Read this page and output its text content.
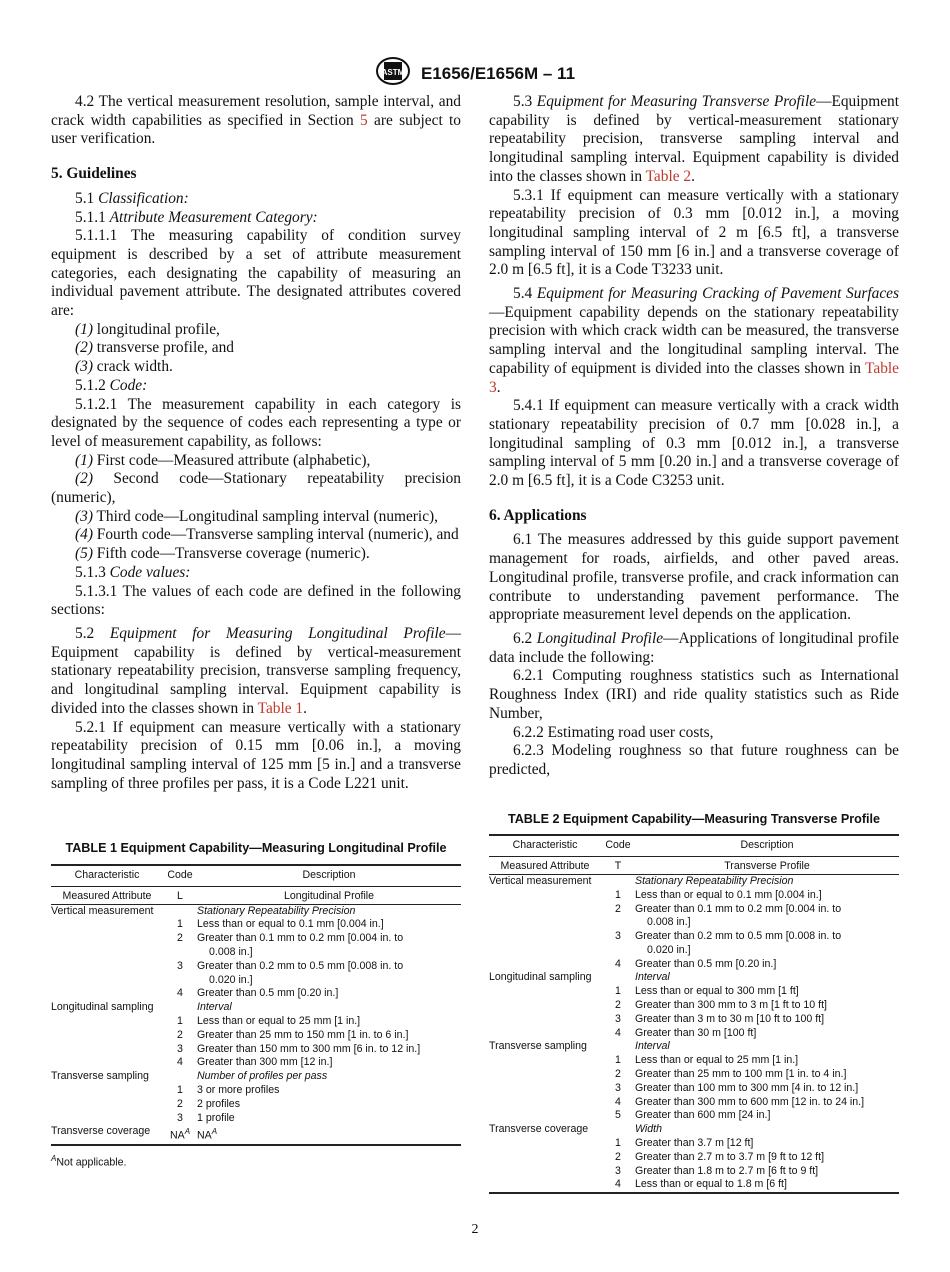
ASTM E1656/E1656M – 11

4.2 The vertical measurement resolution, sample interval, and crack width capabilities as specified in Section 5 are subject to user verification.

5. Guidelines

5.1 Classification:

5.1.1 Attribute Measurement Category:

5.1.1.1 The measuring capability of condition survey equipment is described by a set of attribute measurement categories, each designating the capability of measuring an individual pavement attribute. The designated attributes covered are:

(1) longitudinal profile,

(2) transverse profile, and

(3) crack width.

5.1.2 Code:

5.1.2.1 The measurement capability in each category is designated by the sequence of codes each representing a type or level of measurement capability, as follows:

(1) First code—Measured attribute (alphabetic),

(2) Second code—Stationary repeatability precision (numeric),

(3) Third code—Longitudinal sampling interval (numeric),

(4) Fourth code—Transverse sampling interval (numeric), and

(5) Fifth code—Transverse coverage (numeric).

5.1.3 Code values:

5.1.3.1 The values of each code are defined in the following sections:

5.2 Equipment for Measuring Longitudinal Profile—Equipment capability is defined by vertical-measurement stationary repeatability precision, transverse sampling frequency, and longitudinal sampling interval. Equipment capability is divided into the classes shown in Table 1.

5.2.1 If equipment can measure vertically with a stationary repeatability precision of 0.15 mm [0.06 in.], a moving longitudinal sampling interval of 125 mm [5 in.] and a transverse sampling of three profiles per pass, it is a Code L221 unit.

TABLE 1 Equipment Capability—Measuring Longitudinal Profile
Characteristic	Code	Description
Measured Attribute	L	Longitudinal Profile
Vertical measurement		Stationary Repeatability Precision
	1	Less than or equal to 0.1 mm [0.004 in.]
	2	Greater than 0.1 mm to 0.2 mm [0.004 in. to
0.008 in.]

	3	Greater than 0.2 mm to 0.5 mm [0.008 in. to
0.020 in.]

	4	Greater than 0.5 mm [0.20 in.]
Longitudinal sampling		Interval
	1	Less than or equal to 25 mm [1 in.]
	2	Greater than 25 mm to 150 mm [1 in. to 6 in.]
	3	Greater than 150 mm to 300 mm [6 in. to 12 in.]
	4	Greater than 300 mm [12 in.]
Transverse sampling		Number of profiles per pass
	1	3 or more profiles
	2	2 profiles
	3	1 profile
Transverse coverage	$NA^A$	$NA^A$
$^A$Not applicable.

5.3 Equipment for Measuring Transverse Profile—Equipment capability is defined by vertical-measurement stationary repeatability precision, transverse sampling interval and longitudinal sampling interval. Equipment capability is divided into the classes shown in Table 2.

5.3.1 If equipment can measure vertically with a stationary repeatability precision of 0.3 mm [0.012 in.], a moving longitudinal sampling interval of 2 m [6.5 ft], a transverse sampling interval of 150 mm [6 in.] and a transverse coverage of 2.0 m [6.5 ft], it is a Code T3233 unit.

5.4 Equipment for Measuring Cracking of Pavement Surfaces—Equipment capability depends on the stationary repeatability precision with which crack width can be measured, the transverse sampling interval and the longitudinal sampling interval. The capability of equipment is divided into the classes shown in Table 3.

5.4.1 If equipment can measure vertically with a crack width stationary repeatability precision of 0.7 mm [0.028 in.], a longitudinal sampling of 0.3 mm [0.012 in.], a transverse sampling interval of 5 mm [0.20 in.] and a transverse coverage of 2.0 m [6.5 ft], it is a Code C3253 unit.

6. Applications

6.1 The measures addressed by this guide support pavement management for roads, airfields, and other paved areas. Longitudinal profile, transverse profile, and crack information can contribute to understanding pavement performance. The appropriate measurement level depends on the application.

6.2 Longitudinal Profile—Applications of longitudinal profile data include the following:

6.2.1 Computing roughness statistics such as International Roughness Index (IRI) and ride quality statistics such as Ride Number,

6.2.2 Estimating road user costs,

6.2.3 Modeling roughness so that future roughness can be predicted,

TABLE 2 Equipment Capability—Measuring Transverse Profile
Characteristic	Code	Description
Measured Attribute	T	Transverse Profile
Vertical measurement		Stationary Repeatability Precision
	1	Less than or equal to 0.1 mm [0.004 in.]
	2	Greater than 0.1 mm to 0.2 mm [0.004 in. to
0.008 in.]

	3	Greater than 0.2 mm to 0.5 mm [0.008 in. to
0.020 in.]

	4	Greater than 0.5 mm [0.20 in.]
Longitudinal sampling		Interval
	1	Less than or equal to 300 mm [1 ft]
	2	Greater than 300 mm to 3 m [1 ft to 10 ft]
	3	Greater than 3 m to 30 m [10 ft to 100 ft]
	4	Greater than 30 m [100 ft]
Transverse sampling		Interval
	1	Less than or equal to 25 mm [1 in.]
	2	Greater than 25 mm to 100 mm [1 in. to 4 in.]
	3	Greater than 100 mm to 300 mm [4 in. to 12 in.]
	4	Greater than 300 mm to 600 mm [12 in. to 24 in.]
	5	Greater than 600 mm [24 in.]
Transverse coverage		Width
	1	Greater than 3.7 m [12 ft]
	2	Greater than 2.7 m to 3.7 m [9 ft to 12 ft]
	3	Greater than 1.8 m to 2.7 m [6 ft to 9 ft]
	4	Less than or equal to 1.8 m [6 ft]
2
